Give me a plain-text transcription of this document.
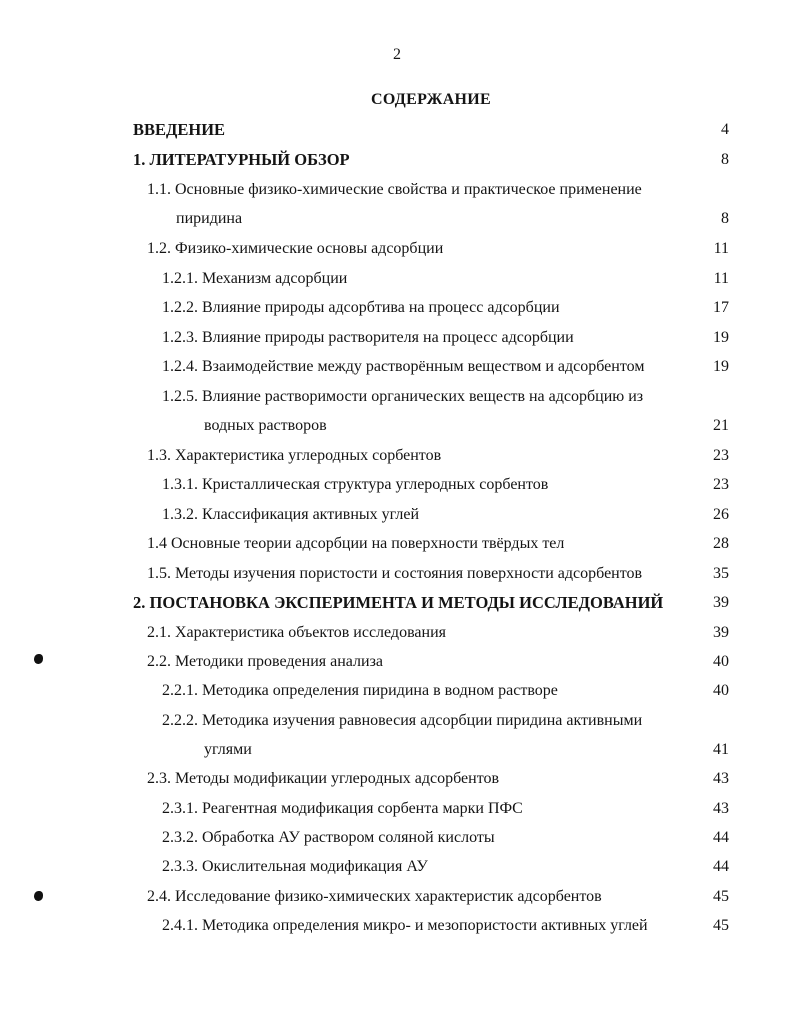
2
СОДЕРЖАНИЕ
ВВЕДЕНИЕ	4
1. ЛИТЕРАТУРНЫЙ ОБЗОР	8
1.1. Основные физико-химические свойства и практическое применение
пиридина	8
1.2. Физико-химические основы адсорбции	11
1.2.1. Механизм адсорбции	11
1.2.2. Влияние природы адсорбтива на процесс адсорбции	17
1.2.3. Влияние природы растворителя на процесс адсорбции	19
1.2.4. Взаимодействие между растворённым веществом и адсорбентом	19
1.2.5. Влияние растворимости органических веществ на адсорбцию из
водных растворов	21
1.3. Характеристика углеродных сорбентов	23
1.3.1. Кристаллическая структура углеродных сорбентов	23
1.3.2. Классификация активных углей	26
1.4 Основные теории адсорбции на поверхности твёрдых тел	28
1.5. Методы изучения пористости и состояния поверхности адсорбентов	35
2. ПОСТАНОВКА ЭКСПЕРИМЕНТА И МЕТОДЫ ИССЛЕДОВАНИЙ	39
2.1. Характеристика объектов исследования	39
2.2. Методики проведения анализа	40
2.2.1. Методика определения пиридина в водном растворе	40
2.2.2. Методика изучения равновесия адсорбции пиридина активными
углями	41
2.3. Методы модификации углеродных адсорбентов	43
2.3.1. Реагентная модификация сорбента марки ПФС	43
2.3.2. Обработка АУ раствором соляной кислоты	44
2.3.3. Окислительная модификация АУ	44
2.4. Исследование физико-химических характеристик адсорбентов	45
2.4.1. Методика определения микро- и мезопористости активных углей	45
